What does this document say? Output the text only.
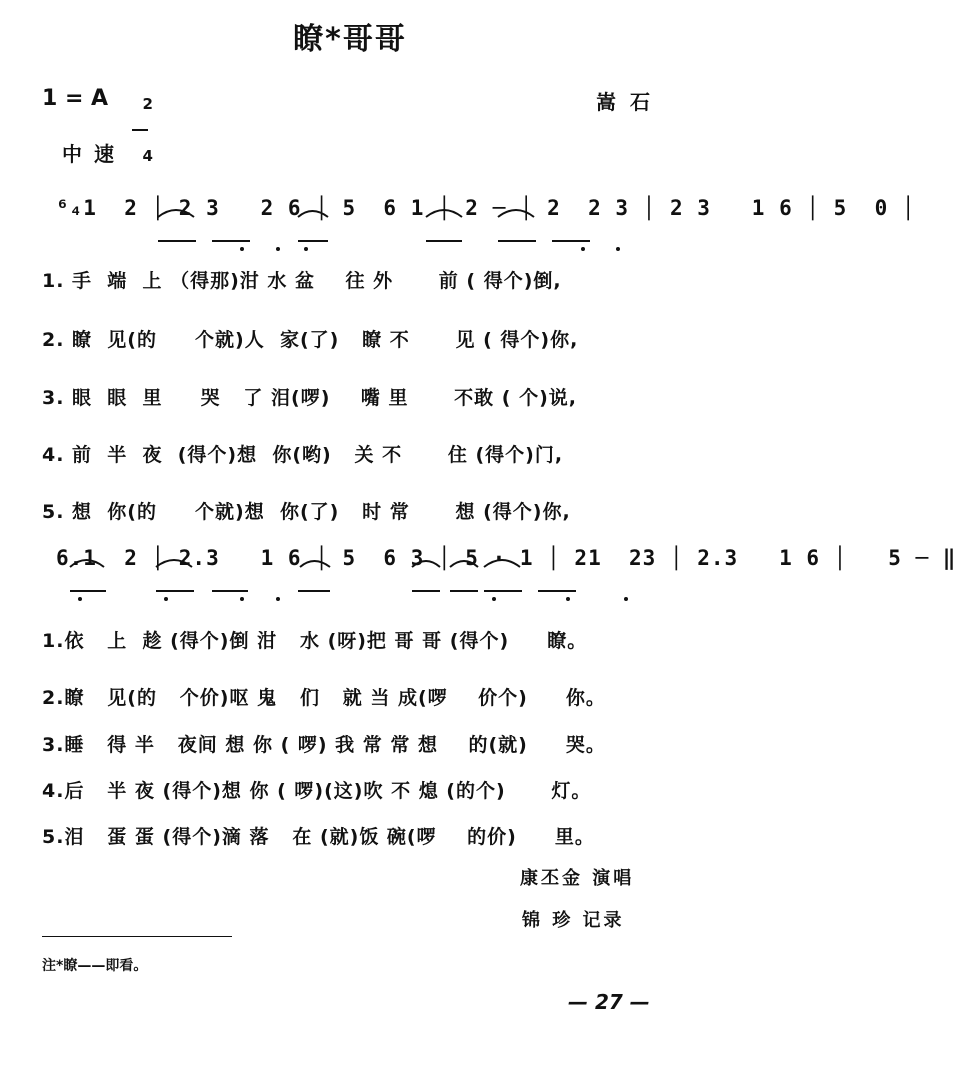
瞭*哥哥
1 = A	2

4

嵩石
中速

⁶₄1  2 │ 2 3   2 6 │ 5  6 1 │ 2 ─ │ 2  2 3 │ 2 3   1 6 │ 5  0 │

1. 手  端  上 （得那)泔 水 盆    往 外      前 ( 得个)倒,
2. 瞭  见(的     个就)人  家(了)   瞭 不      见 ( 得个)你,
3. 眼  眼  里     哭   了 泪(啰)    嘴 里      不敢 ( 个)说,
4. 前  半  夜  (得个)想  你(哟)   关 不      住 (得个)门,
5. 想  你(的     个就)想  你(了)   时 常      想 (得个)你,

6.1  2 │ 2.3   1 6 │ 5  6 3 │ 5 · 1 │ 21  23 │ 2.3   1 6 │   5 ─ ‖

1.依   上  趁 (得个)倒 泔   水 (呀)把 哥 哥 (得个)     瞭。
2.瞭   见(的   个价)呕 鬼   们   就 当 成(啰    价个)     你。
3.睡   得 半   夜间 想 你 ( 啰) 我 常 常 想    的(就)     哭。
4.后   半 夜 (得个)想 你 ( 啰)(这)吹 不 熄 (的个)      灯。
5.泪   蛋 蛋 (得个)滴 落   在 (就)饭 碗(啰    的价)     里。
康丕金 演唱
锦 珍 记录
注*瞭——即看。
— 27 —
